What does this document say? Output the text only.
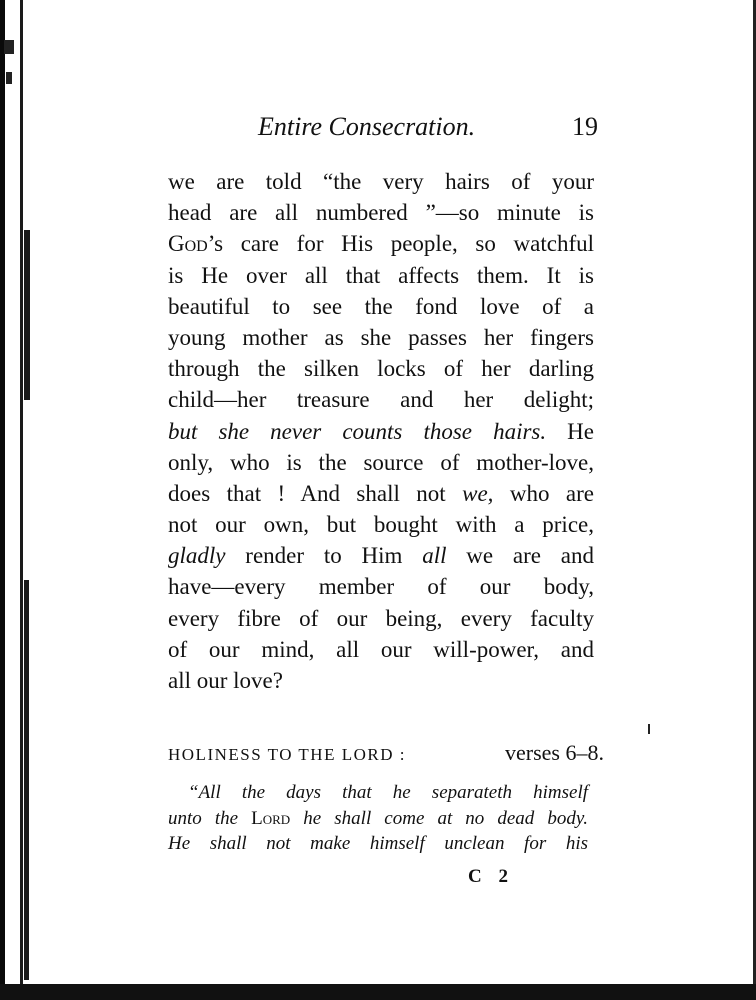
Entire Consecration.	19
we are told “the very hairs of your
head are all numbered ”—so minute is
God’s care for His people, so watchful
is He over all that affects them. It is
beautiful to see the fond love of a
young mother as she passes her fingers
through the silken locks of her darling
child—her treasure and her delight;
but she never counts those hairs. He
only, who is the source of mother-love,
does that ! And shall not we, who are
not our own, but bought with a price,
gladly render to Him all we are and
have—every member of our body,
every fibre of our being, every faculty
of our mind, all our will-power, and
all our love?
HOLINESS TO THE LORD :	verses 6–8.
“All the days that he separateth himself
unto the Lord he shall come at no dead body.
He shall not make himself unclean for his
C 2
